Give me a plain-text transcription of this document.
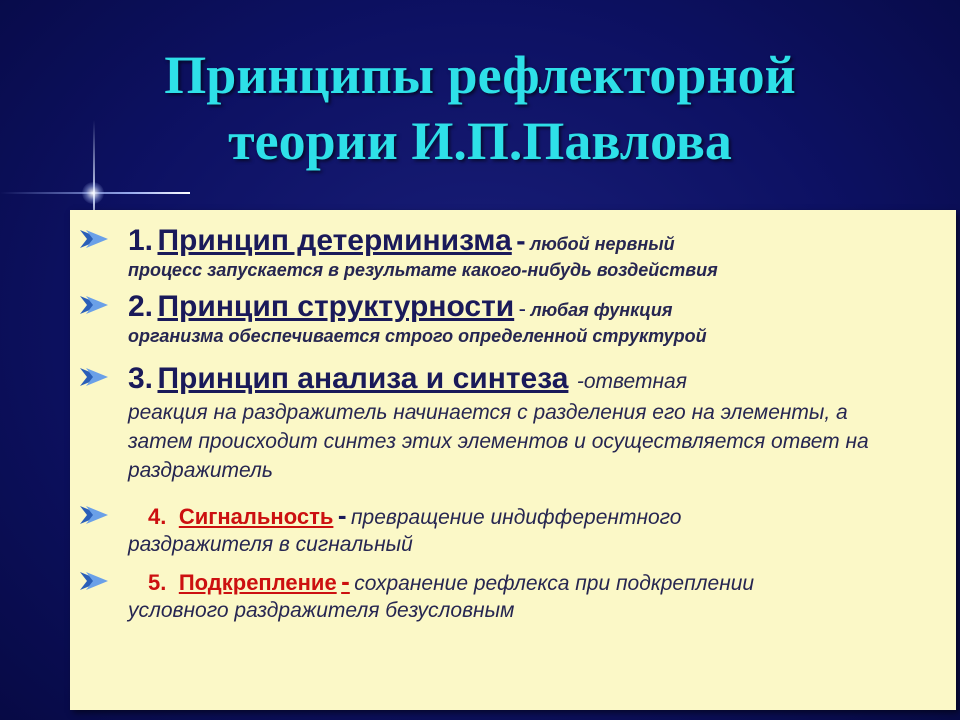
Принципы рефлекторной
теории И.П.Павлова
1. Принцип детерминизма - любой нервный
процесс запускается в результате какого-нибудь воздействия
2. Принцип структурности - любая функция
организма обеспечивается строго определенной структурой
3. Принцип анализа и синтеза -ответная
реакция на раздражитель начинается с разделения его на элементы, а затем происходит синтез этих элементов и осуществляется ответ на раздражитель
4. Сигнальность - превращение индифферентного
раздражителя в сигнальный
5. Подкрепление - сохранение рефлекса при подкреплении
условного раздражителя безусловным
